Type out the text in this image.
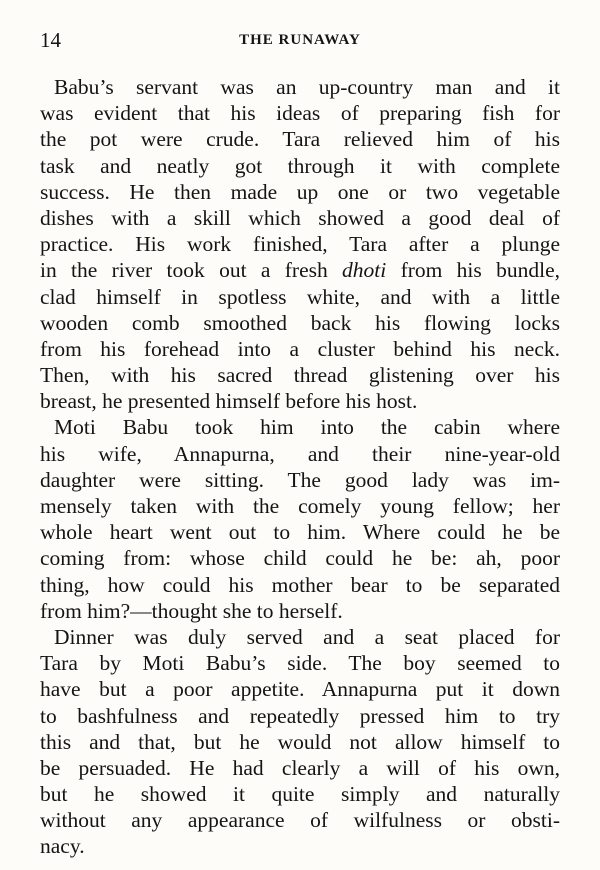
14	THE RUNAWAY
Babu’s servant was an up-country man and it
was evident that his ideas of preparing fish for
the pot were crude. Tara relieved him of his
task and neatly got through it with complete
success. He then made up one or two vegetable
dishes with a skill which showed a good deal of
practice. His work finished, Tara after a plunge
in the river took out a fresh dhoti from his bundle,
clad himself in spotless white, and with a little
wooden comb smoothed back his flowing locks
from his forehead into a cluster behind his neck.
Then, with his sacred thread glistening over his
breast, he presented himself before his host.
Moti Babu took him into the cabin where
his wife, Annapurna, and their nine-year-old
daughter were sitting. The good lady was im-
mensely taken with the comely young fellow; her
whole heart went out to him. Where could he be
coming from: whose child could he be: ah, poor
thing, how could his mother bear to be separated
from him?—thought she to herself.
Dinner was duly served and a seat placed for
Tara by Moti Babu’s side. The boy seemed to
have but a poor appetite. Annapurna put it down
to bashfulness and repeatedly pressed him to try
this and that, but he would not allow himself to
be persuaded. He had clearly a will of his own,
but he showed it quite simply and naturally
without any appearance of wilfulness or obsti-
nacy.
